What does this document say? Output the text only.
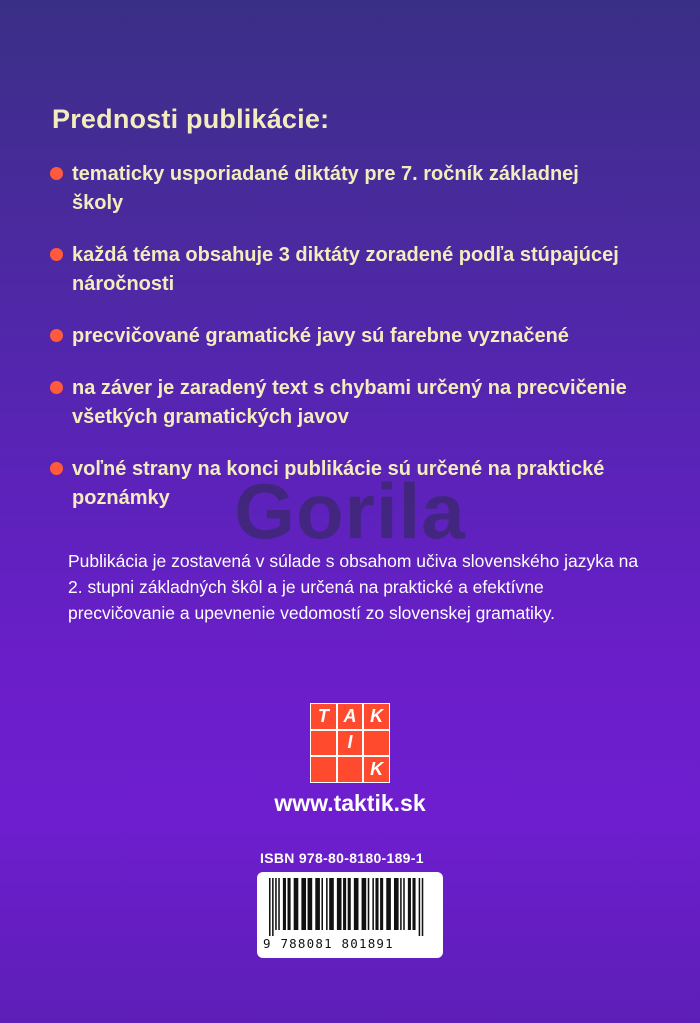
Prednosti publikácie:
tematicky usporiadané diktáty pre 7. ročník základnej školy
každá téma obsahuje 3 diktáty zoradené podľa stúpajúcej náročnosti
precvičované gramatické javy sú farebne vyznačené
na záver je zaradený text s chybami určený na precvičenie všetkých gramatických javov
voľné strany na konci publikácie sú určené na praktické poznámky Gorila
Publikácia je zostavená v súlade s obsahom učiva slovenského jazyka na 2. stupni základných škôl a je určená na praktické a efektívne precvičovanie a upevnenie vedomostí zo slovenskej gramatiky.
T A K
I
K
www.taktik.sk
ISBN 978-80-8180-189-1
9 788081 801891
